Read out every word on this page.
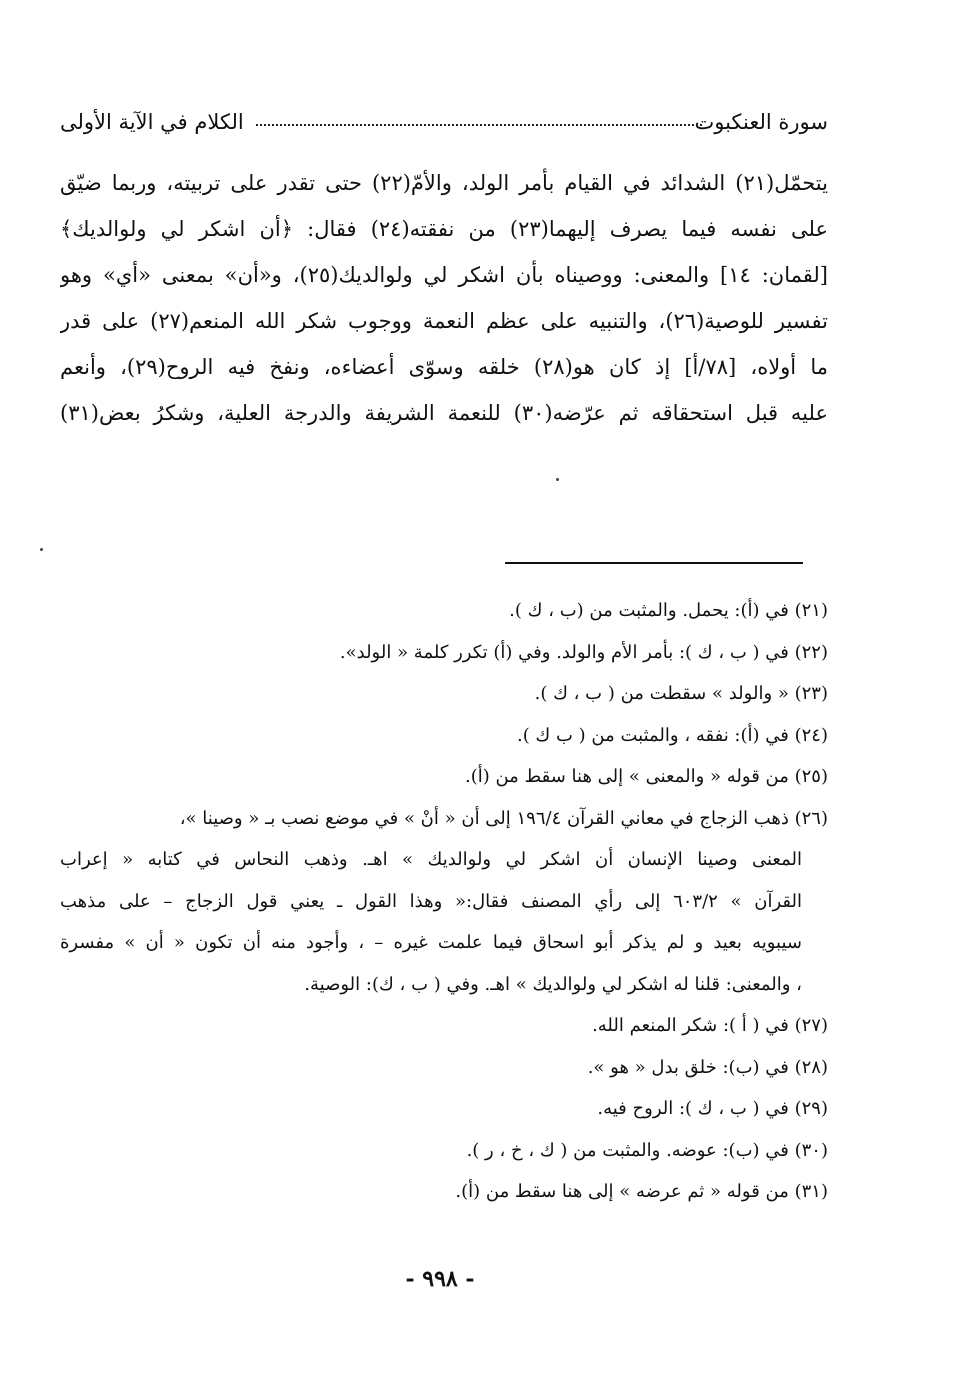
سورة العنكبوت
الكلام في الآية الأولى
يتحمّل(٢١) الشدائد في القيام بأمر الولد، والأمّ(٢٢) حتى تقدر على تربيته، وربما ضيّق
على نفسه فيما يصرف إليهما(٢٣) من نفقته(٢٤) فقال: ﴿أن اشكر لي ولوالديك﴾
[لقمان: ١٤] والمعنى: ووصيناه بأن اشكر لي ولوالديك(٢٥)، و«أن» بمعنى «أي» وهو
تفسير للوصية(٢٦)، والتنبيه على عظم النعمة ووجوب شكر الله المنعم(٢٧) على قدر
ما أولاه، [٧٨/أ] إذ كان هو(٢٨) خلقه وسوّى أعضاءه، ونفخ فيه الروح(٢٩)، وأنعم
عليه قبل استحقاقه ثم عرّضه(٣٠) للنعمة الشريفة والدرجة العلية، وشكرُ بعض(٣١)
(٢١) في (أ): يحمل. والمثبت من (ب ، ك ).
(٢٢) في ( ب ، ك ): بأمر الأم والولد. وفي (أ) تكرر كلمة « الولد».
(٢٣) « والولد » سقطت من ( ب ، ك ).
(٢٤) في (أ): نفقه ، والمثبت من ( ب ك ).
(٢٥) من قوله « والمعنى » إلى هنا سقط من (أ).
(٢٦) ذهب الزجاج في معاني القرآن ١٩٦/٤ إلى أن « أنْ » في موضع نصب بـ « وصينا »،
المعنى وصينا الإنسان أن اشكر لي ولوالديك » اهـ. وذهب النحاس في كتابه « إعراب
القرآن » ٦٠٣/٢ إلى رأي المصنف فقال:« وهذا القول ـ يعني قول الزجاج – على مذهب
سيبويه بعيد و لم يذكر أبو اسحاق فيما علمت غيره – ، وأجود منه أن تكون « أن » مفسرة
، والمعنى: قلنا له اشكر لي ولوالديك » اهـ. وفي ( ب ، ك): الوصية.
(٢٧) في ( أ ): شكر المنعم الله.
(٢٨) في (ب): خلق بدل « هو ».
(٢٩) في ( ب ، ك ): الروح فيه.
(٣٠) في (ب): عوضه. والمثبت من ( ك ، خ ، ر ).
(٣١) من قوله « ثم عرضه » إلى هنا سقط من (أ).
- ٩٩٨ -
